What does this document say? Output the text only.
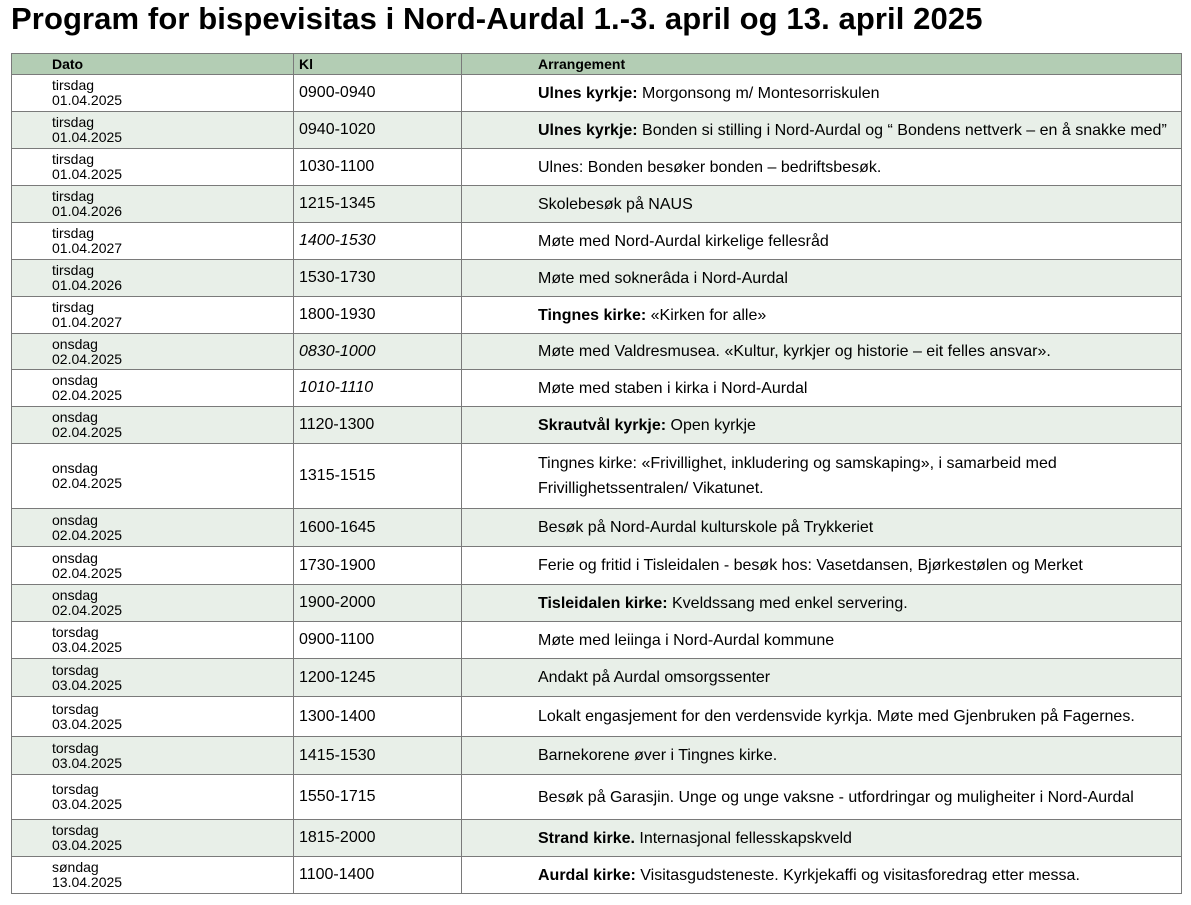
Program for bispevisitas i Nord-Aurdal 1.-3. april og 13. april 2025
Dato	Kl	Arrangement

tirsdag
01.04.2025	0900-0940	Ulnes kyrkje: Morgonsong m/ Montesorriskulen

tirsdag
01.04.2025	0940-1020	Ulnes kyrkje: Bonden si stilling i Nord-Aurdal og “ Bondens nettverk – en å snakke med”

tirsdag
01.04.2025	1030-1100	Ulnes: Bonden besøker bonden – bedriftsbesøk.

tirsdag
01.04.2026	1215-1345	Skolebesøk på NAUS

tirsdag
01.04.2027	1400-1530	Møte med Nord-Aurdal kirkelige fellesråd

tirsdag
01.04.2026	1530-1730	Møte med soknerâda i Nord-Aurdal

tirsdag
01.04.2027	1800-1930	Tingnes kirke: «Kirken for alle»

onsdag
02.04.2025	0830-1000	Møte med Valdresmusea. «Kultur, kyrkjer og historie – eit felles ansvar».

onsdag
02.04.2025	1010-1110	Møte med staben i kirka i Nord-Aurdal

onsdag
02.04.2025	1120-1300	Skrautvål kyrkje: Open kyrkje

onsdag
02.04.2025	1315-1515	Tingnes kirke: «Frivillighet, inkludering og samskaping», i samarbeid med Frivillighetssentralen/ Vikatunet.

onsdag
02.04.2025	1600-1645	Besøk på Nord-Aurdal kulturskole på Trykkeriet

onsdag
02.04.2025	1730-1900	Ferie og fritid i Tisleidalen - besøk hos: Vasetdansen, Bjørkestølen og Merket

onsdag
02.04.2025	1900-2000	Tisleidalen kirke: Kveldssang med enkel servering.

torsdag
03.04.2025	0900-1100	Møte med leiinga i Nord-Aurdal kommune

torsdag
03.04.2025	1200-1245	Andakt på Aurdal omsorgssenter

torsdag
03.04.2025	1300-1400	Lokalt engasjement for den verdensvide kyrkja. Møte med Gjenbruken på Fagernes.

torsdag
03.04.2025	1415-1530	Barnekorene øver i Tingnes kirke.

torsdag
03.04.2025	1550-1715	Besøk på Garasjin. Unge og unge vaksne - utfordringar og muligheiter i Nord-Aurdal

torsdag
03.04.2025	1815-2000	Strand kirke. Internasjonal fellesskapskveld

søndag
13.04.2025	1100-1400	Aurdal kirke: Visitasgudsteneste. Kyrkjekaffi og visitasforedrag etter messa.
